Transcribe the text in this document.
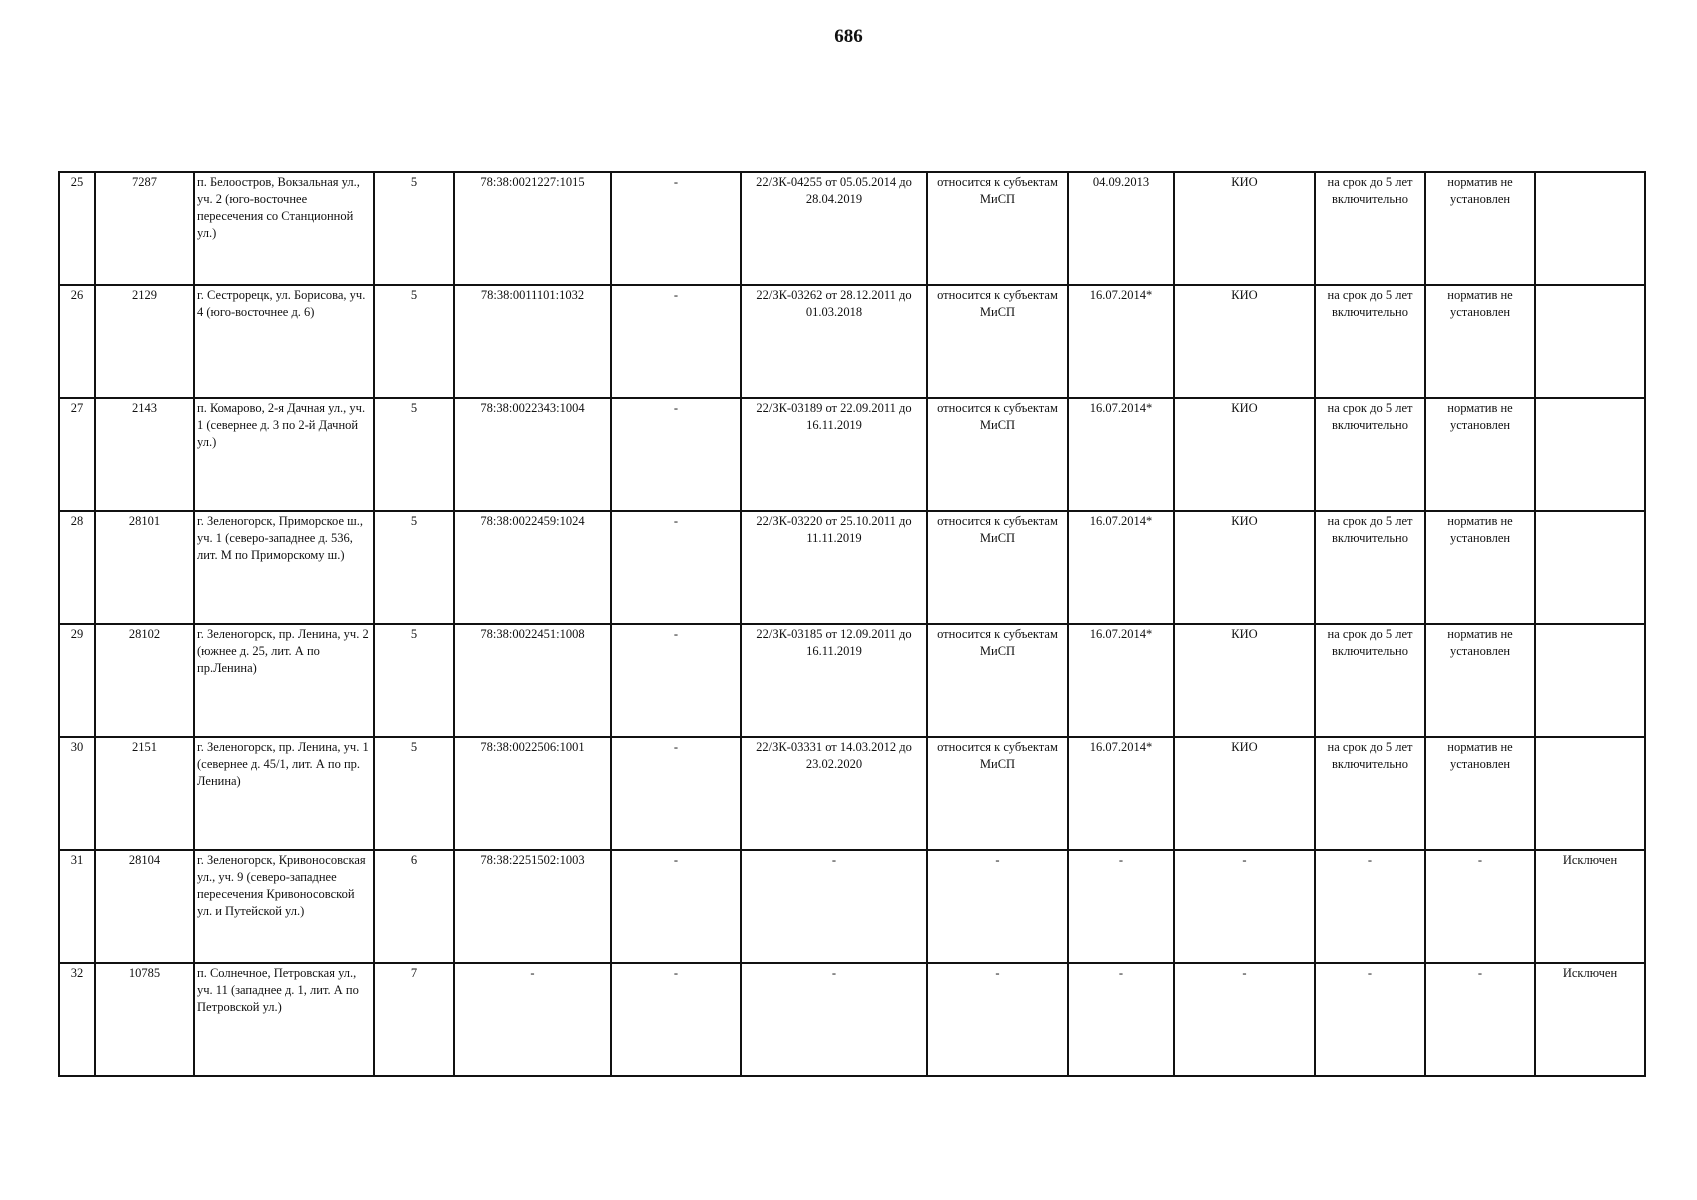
686
25	7287	п. Белоостров, Вокзальная ул., уч. 2 (юго-восточнее пересечения со Станционной ул.)	5	78:38:0021227:1015	-	22/ЗК-04255 от 05.05.2014 до 28.04.2019	относится к субъектам МиСП	04.09.2013	КИО	на срок до 5 лет включительно	норматив не установлен	
26	2129	г. Сестрорецк, ул. Борисова, уч. 4 (юго-восточнее д. 6)	5	78:38:0011101:1032	-	22/ЗК-03262 от 28.12.2011 до 01.03.2018	относится к субъектам МиСП	16.07.2014*	КИО	на срок до 5 лет включительно	норматив не установлен	
27	2143	п. Комарово, 2-я Дачная ул., уч. 1 (севернее д. 3 по 2-й Дачной ул.)	5	78:38:0022343:1004	-	22/ЗК-03189 от 22.09.2011 до 16.11.2019	относится к субъектам МиСП	16.07.2014*	КИО	на срок до 5 лет включительно	норматив не установлен	
28	28101	г. Зеленогорск, Приморское ш., уч. 1 (северо-западнее д. 536, лит. М по Приморскому ш.)	5	78:38:0022459:1024	-	22/ЗК-03220 от 25.10.2011 до 11.11.2019	относится к субъектам МиСП	16.07.2014*	КИО	на срок до 5 лет включительно	норматив не установлен	
29	28102	г. Зеленогорск, пр. Ленина, уч. 2 (южнее д. 25, лит. А по пр.Ленина)	5	78:38:0022451:1008	-	22/ЗК-03185 от 12.09.2011 до 16.11.2019	относится к субъектам МиСП	16.07.2014*	КИО	на срок до 5 лет включительно	норматив не установлен	
30	2151	г. Зеленогорск, пр. Ленина, уч. 1 (севернее д. 45/1, лит. А по пр. Ленина)	5	78:38:0022506:1001	-	22/ЗК-03331 от 14.03.2012 до 23.02.2020	относится к субъектам МиСП	16.07.2014*	КИО	на срок до 5 лет включительно	норматив не установлен	
31	28104	г. Зеленогорск, Кривоносовская ул., уч. 9 (северо-западнее пересечения Кривоносовской ул. и Путейской ул.)	6	78:38:2251502:1003	-	-	-	-	-	-	-	Исключен
32	10785	п. Солнечное, Петровская ул., уч. 11 (западнее д. 1, лит. А по Петровской ул.)	7	-	-	-	-	-	-	-	-	Исключен
